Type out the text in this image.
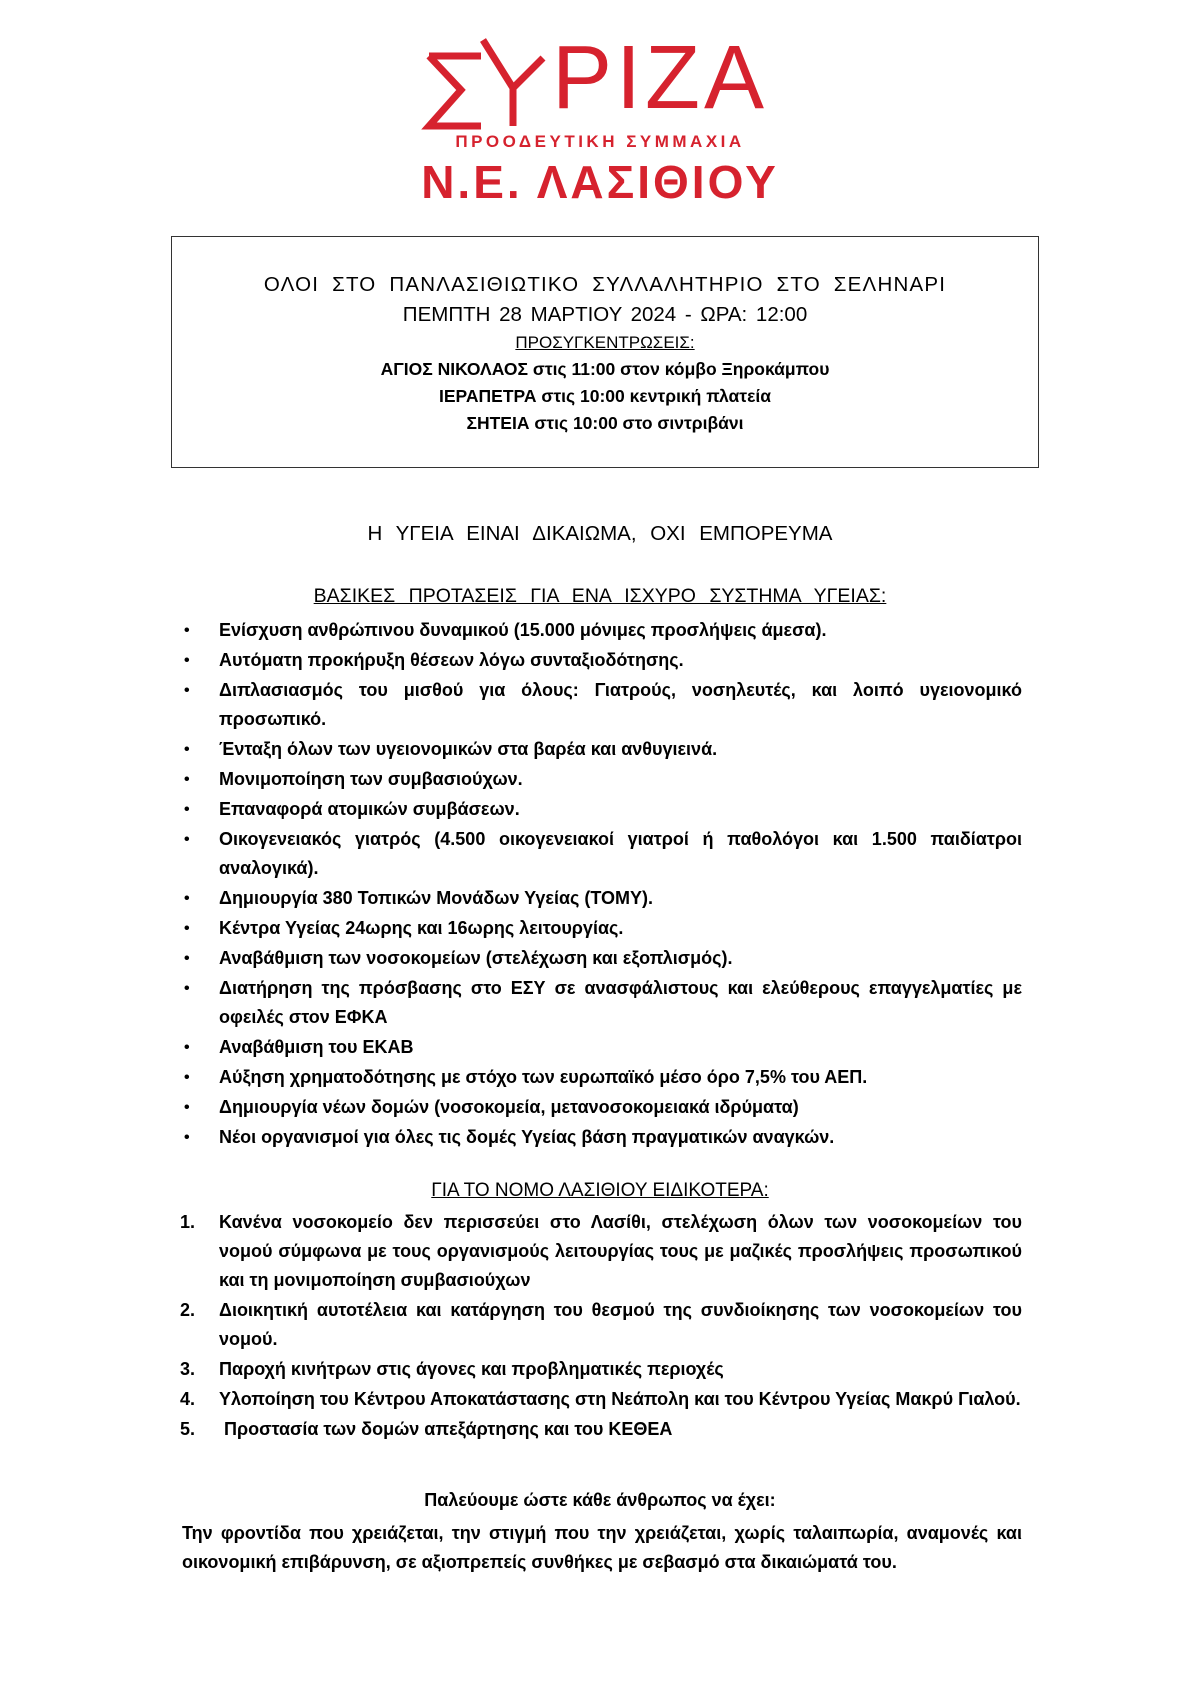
ΡΙΖΑ
ΠΡΟΟΔΕΥΤΙΚΗ ΣΥΜΜΑΧΙΑ
Ν.Ε. ΛΑΣΙΘΙΟΥ
ΟΛΟΙ ΣΤΟ ΠΑΝΛΑΣΙΘΙΩΤΙΚΟ ΣΥΛΛΑΛΗΤΗΡΙΟ ΣΤΟ ΣΕΛΗΝΑΡΙ
ΠΕΜΠΤΗ 28 ΜΑΡΤΙΟΥ 2024 - ΩΡΑ: 12:00
ΠΡΟΣΥΓΚΕΝΤΡΩΣΕΙΣ:
ΑΓΙΟΣ ΝΙΚΟΛΑΟΣ στις 11:00 στον κόμβο Ξηροκάμπου
ΙΕΡΑΠΕΤΡΑ στις 10:00 κεντρική πλατεία
ΣΗΤΕΙΑ στις 10:00 στο σιντριβάνι
Η ΥΓΕΙΑ ΕΙΝΑΙ ΔΙΚΑΙΩΜΑ, ΟΧΙ ΕΜΠΟΡΕΥΜΑ
ΒΑΣΙΚΕΣ ΠΡΟΤΑΣΕΙΣ ΓΙΑ ΕΝΑ ΙΣΧΥΡΟ ΣΥΣΤΗΜΑ ΥΓΕΙΑΣ:
• Ενίσχυση ανθρώπινου δυναμικού (15.000 μόνιμες προσλήψεις άμεσα).
• Αυτόματη προκήρυξη θέσεων λόγω συνταξιοδότησης.
• Διπλασιασμός του μισθού για όλους: Γιατρούς, νοσηλευτές, και λοιπό υγειονομικό προσωπικό.
• Ένταξη όλων των υγειονομικών στα βαρέα και ανθυγιεινά.
• Μονιμοποίηση των συμβασιούχων.
• Επαναφορά ατομικών συμβάσεων.
• Οικογενειακός γιατρός (4.500 οικογενειακοί γιατροί ή παθολόγοι και 1.500 παιδίατροι αναλογικά).
• Δημιουργία 380 Τοπικών Μονάδων Υγείας (ΤΟΜΥ).
• Κέντρα Υγείας 24ωρης και 16ωρης λειτουργίας.
• Αναβάθμιση των νοσοκομείων (στελέχωση και εξοπλισμός).
• Διατήρηση της πρόσβασης στο ΕΣΥ σε ανασφάλιστους και ελεύθερους επαγγελματίες με οφειλές στον ΕΦΚΑ
• Αναβάθμιση του ΕΚΑΒ
• Αύξηση χρηματοδότησης με στόχο των ευρωπαϊκό μέσο όρο 7,5% του ΑΕΠ.
• Δημιουργία νέων δομών (νοσοκομεία, μετανοσοκομειακά ιδρύματα)
• Νέοι οργανισμοί για όλες τις δομές Υγείας βάση πραγματικών αναγκών.
ΓΙΑ ΤΟ ΝΟΜΟ ΛΑΣΙΘΙΟΥ ΕΙΔΙΚΟΤΕΡΑ:
1. Κανένα νοσοκομείο δεν περισσεύει στο Λασίθι, στελέχωση όλων των νοσοκομείων του νομού σύμφωνα με τους οργανισμούς λειτουργίας τους με μαζικές προσλήψεις προσωπικού και τη μονιμοποίηση συμβασιούχων
2. Διοικητική αυτοτέλεια και κατάργηση του θεσμού της συνδιοίκησης των νοσοκομείων του νομού.
3. Παροχή κινήτρων στις άγονες και προβληματικές περιοχές
4. Υλοποίηση του Κέντρου Αποκατάστασης στη Νεάπολη και του Κέντρου Υγείας Μακρύ Γιαλού.
5. Προστασία των δομών απεξάρτησης και του ΚΕΘΕΑ
Παλεύουμε ώστε κάθε άνθρωπος να έχει:
Την φροντίδα που χρειάζεται, την στιγμή που την χρειάζεται, χωρίς ταλαιπωρία, αναμονές και οικονομική επιβάρυνση, σε αξιοπρεπείς συνθήκες με σεβασμό στα δικαιώματά του.
